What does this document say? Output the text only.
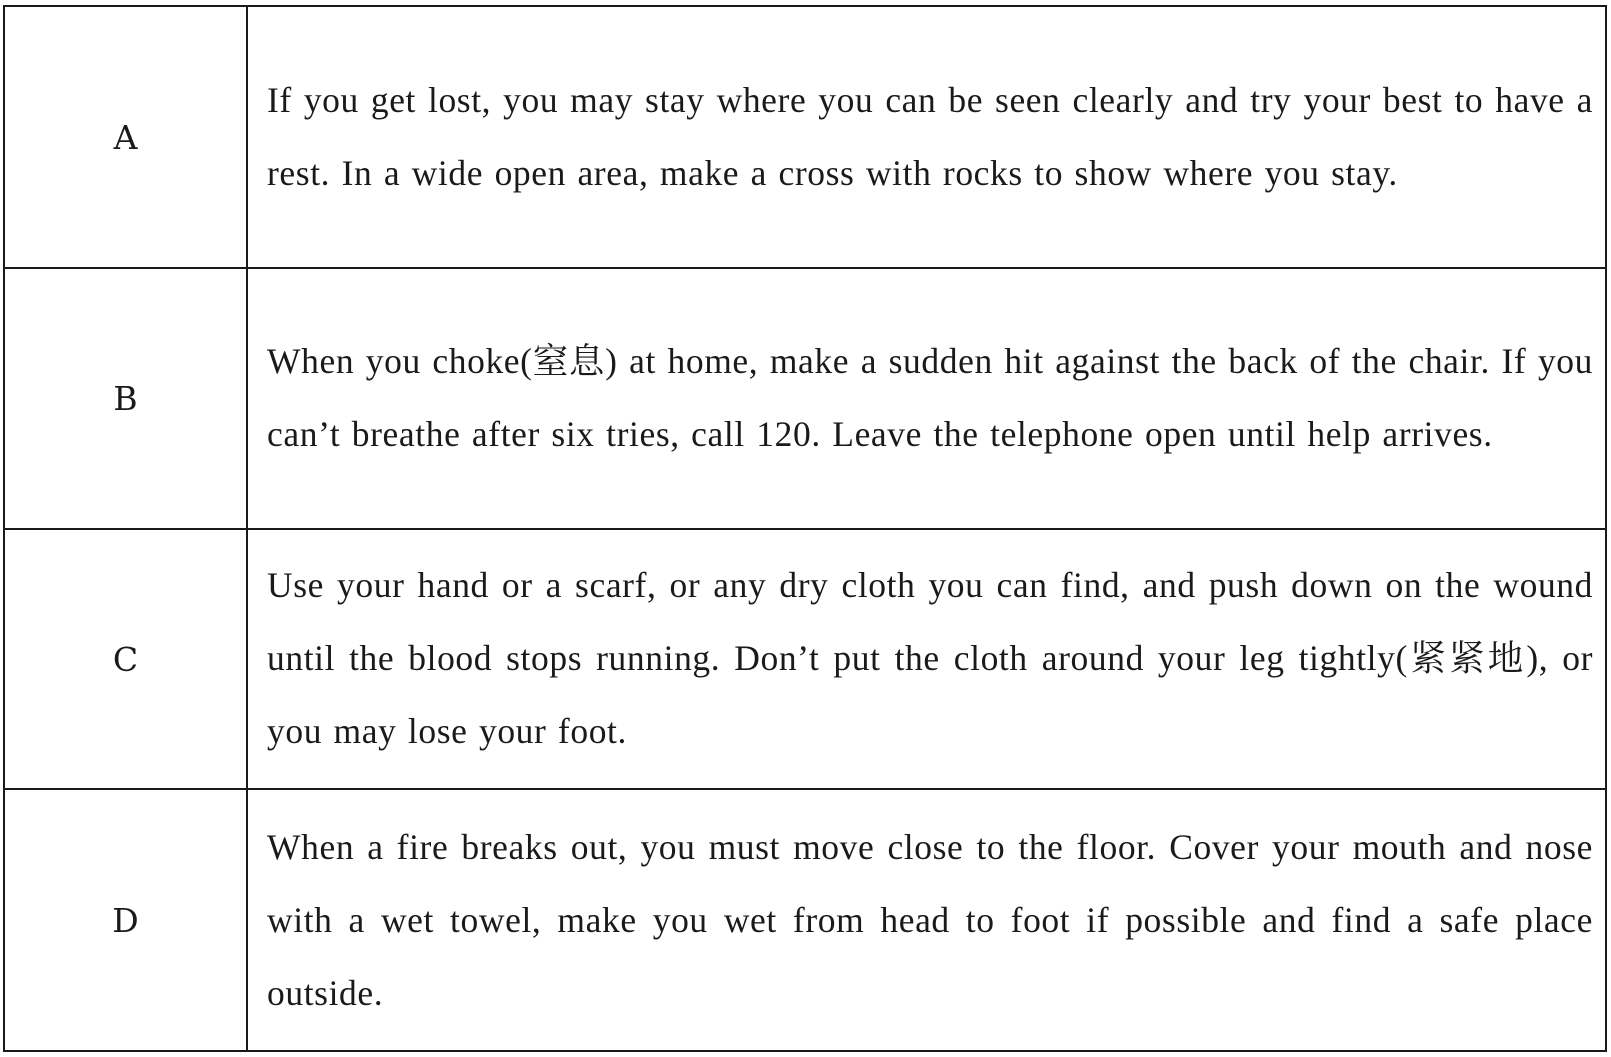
A	If you get lost, you may stay where you can be seen clearly and try your best to have a rest. In a wide open area, make a cross with rocks to show where you stay.
B	When you choke(窒息) at home, make a sudden hit against the back of the chair. If you can’t breathe after six tries, call 120. Leave the telephone open until help arrives.
C	Use your hand or a scarf, or any dry cloth you can find, and push down on the wound until the blood stops running. Don’t put the cloth around your leg tightly(紧紧地), or you may lose your foot.
D	When a fire breaks out, you must move close to the floor. Cover your mouth and nose with a wet towel, make you wet from head to foot if possible and find a safe place outside.
